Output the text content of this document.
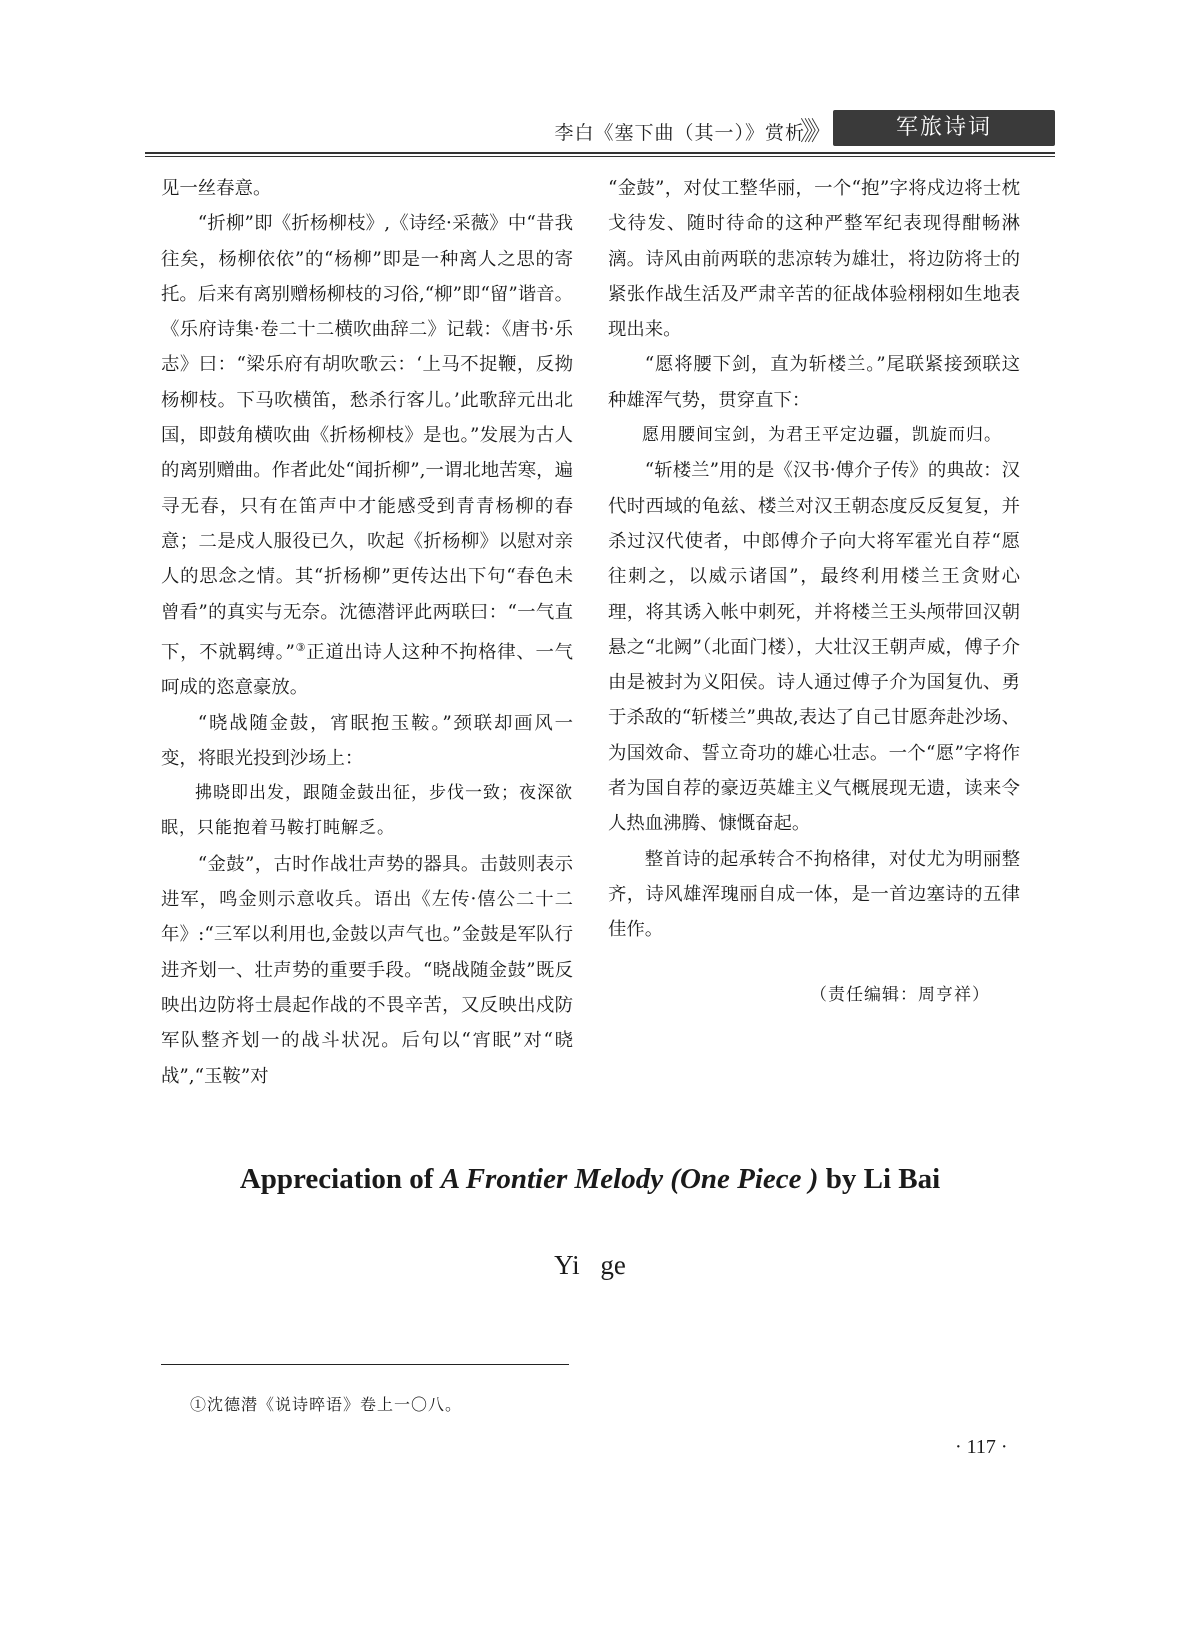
李白《塞下曲（其一）》赏析
》》	军旅诗词

见一丝春意。

“折柳”即《折杨柳枝》,《诗经·采薇》中“昔我往矣，杨柳依依”的“杨柳”即是一种离人之思的寄托。后来有离别赠杨柳枝的习俗,“柳”即“留”谐音。《乐府诗集·卷二十二横吹曲辞二》记载：《唐书·乐志》曰：“梁乐府有胡吹歌云：‘上马不捉鞭，反拗杨柳枝。下马吹横笛，愁杀行客儿。’此歌辞元出北国，即鼓角横吹曲《折杨柳枝》是也。”发展为古人的离别赠曲。作者此处“闻折柳”,一谓北地苦寒，遍寻无春，只有在笛声中才能感受到青青杨柳的春意；二是戍人服役已久，吹起《折杨柳》以慰对亲人的思念之情。其“折杨柳”更传达出下句“春色未曾看”的真实与无奈。沈德潜评此两联曰：“一气直下，不就羁缚。”③正道出诗人这种不拘格律、一气呵成的恣意豪放。

“晓战随金鼓，宵眠抱玉鞍。”颈联却画风一变，将眼光投到沙场上：

拂晓即出发，跟随金鼓出征，步伐一致；夜深欲眠，只能抱着马鞍打盹解乏。

“金鼓”，古时作战壮声势的器具。击鼓则表示进军，鸣金则示意收兵。语出《左传·僖公二十二年》:“三军以利用也,金鼓以声气也。”金鼓是军队行进齐划一、壮声势的重要手段。“晓战随金鼓”既反映出边防将士晨起作战的不畏辛苦，又反映出戍防军队整齐划一的战斗状况。后句以“宵眠”对“晓战”,“玉鞍”对

“金鼓”，对仗工整华丽，一个“抱”字将戍边将士枕戈待发、随时待命的这种严整军纪表现得酣畅淋漓。诗风由前两联的悲凉转为雄壮，将边防将士的紧张作战生活及严肃辛苦的征战体验栩栩如生地表现出来。

“愿将腰下剑，直为斩楼兰。”尾联紧接颈联这种雄浑气势，贯穿直下：

愿用腰间宝剑，为君王平定边疆，凯旋而归。

“斩楼兰”用的是《汉书·傅介子传》的典故：汉代时西域的龟兹、楼兰对汉王朝态度反反复复，并杀过汉代使者，中郎傅介子向大将军霍光自荐“愿往刺之，以威示诸国”，最终利用楼兰王贪财心理，将其诱入帐中刺死，并将楼兰王头颅带回汉朝悬之“北阙”（北面门楼），大壮汉王朝声威，傅子介由是被封为义阳侯。诗人通过傅子介为国复仇、勇于杀敌的“斩楼兰”典故,表达了自己甘愿奔赴沙场、为国效命、誓立奇功的雄心壮志。一个“愿”字将作者为国自荐的豪迈英雄主义气概展现无遗，读来令人热血沸腾、慷慨奋起。

整首诗的起承转合不拘格律，对仗尤为明丽整齐，诗风雄浑瑰丽自成一体，是一首边塞诗的五律佳作。

（责任编辑：周亨祥）

Appreciation of A Frontier Melody (One Piece ) by Li Bai
Yi ge
①沈德潜《说诗晬语》卷上一〇八。
· 117 ·
